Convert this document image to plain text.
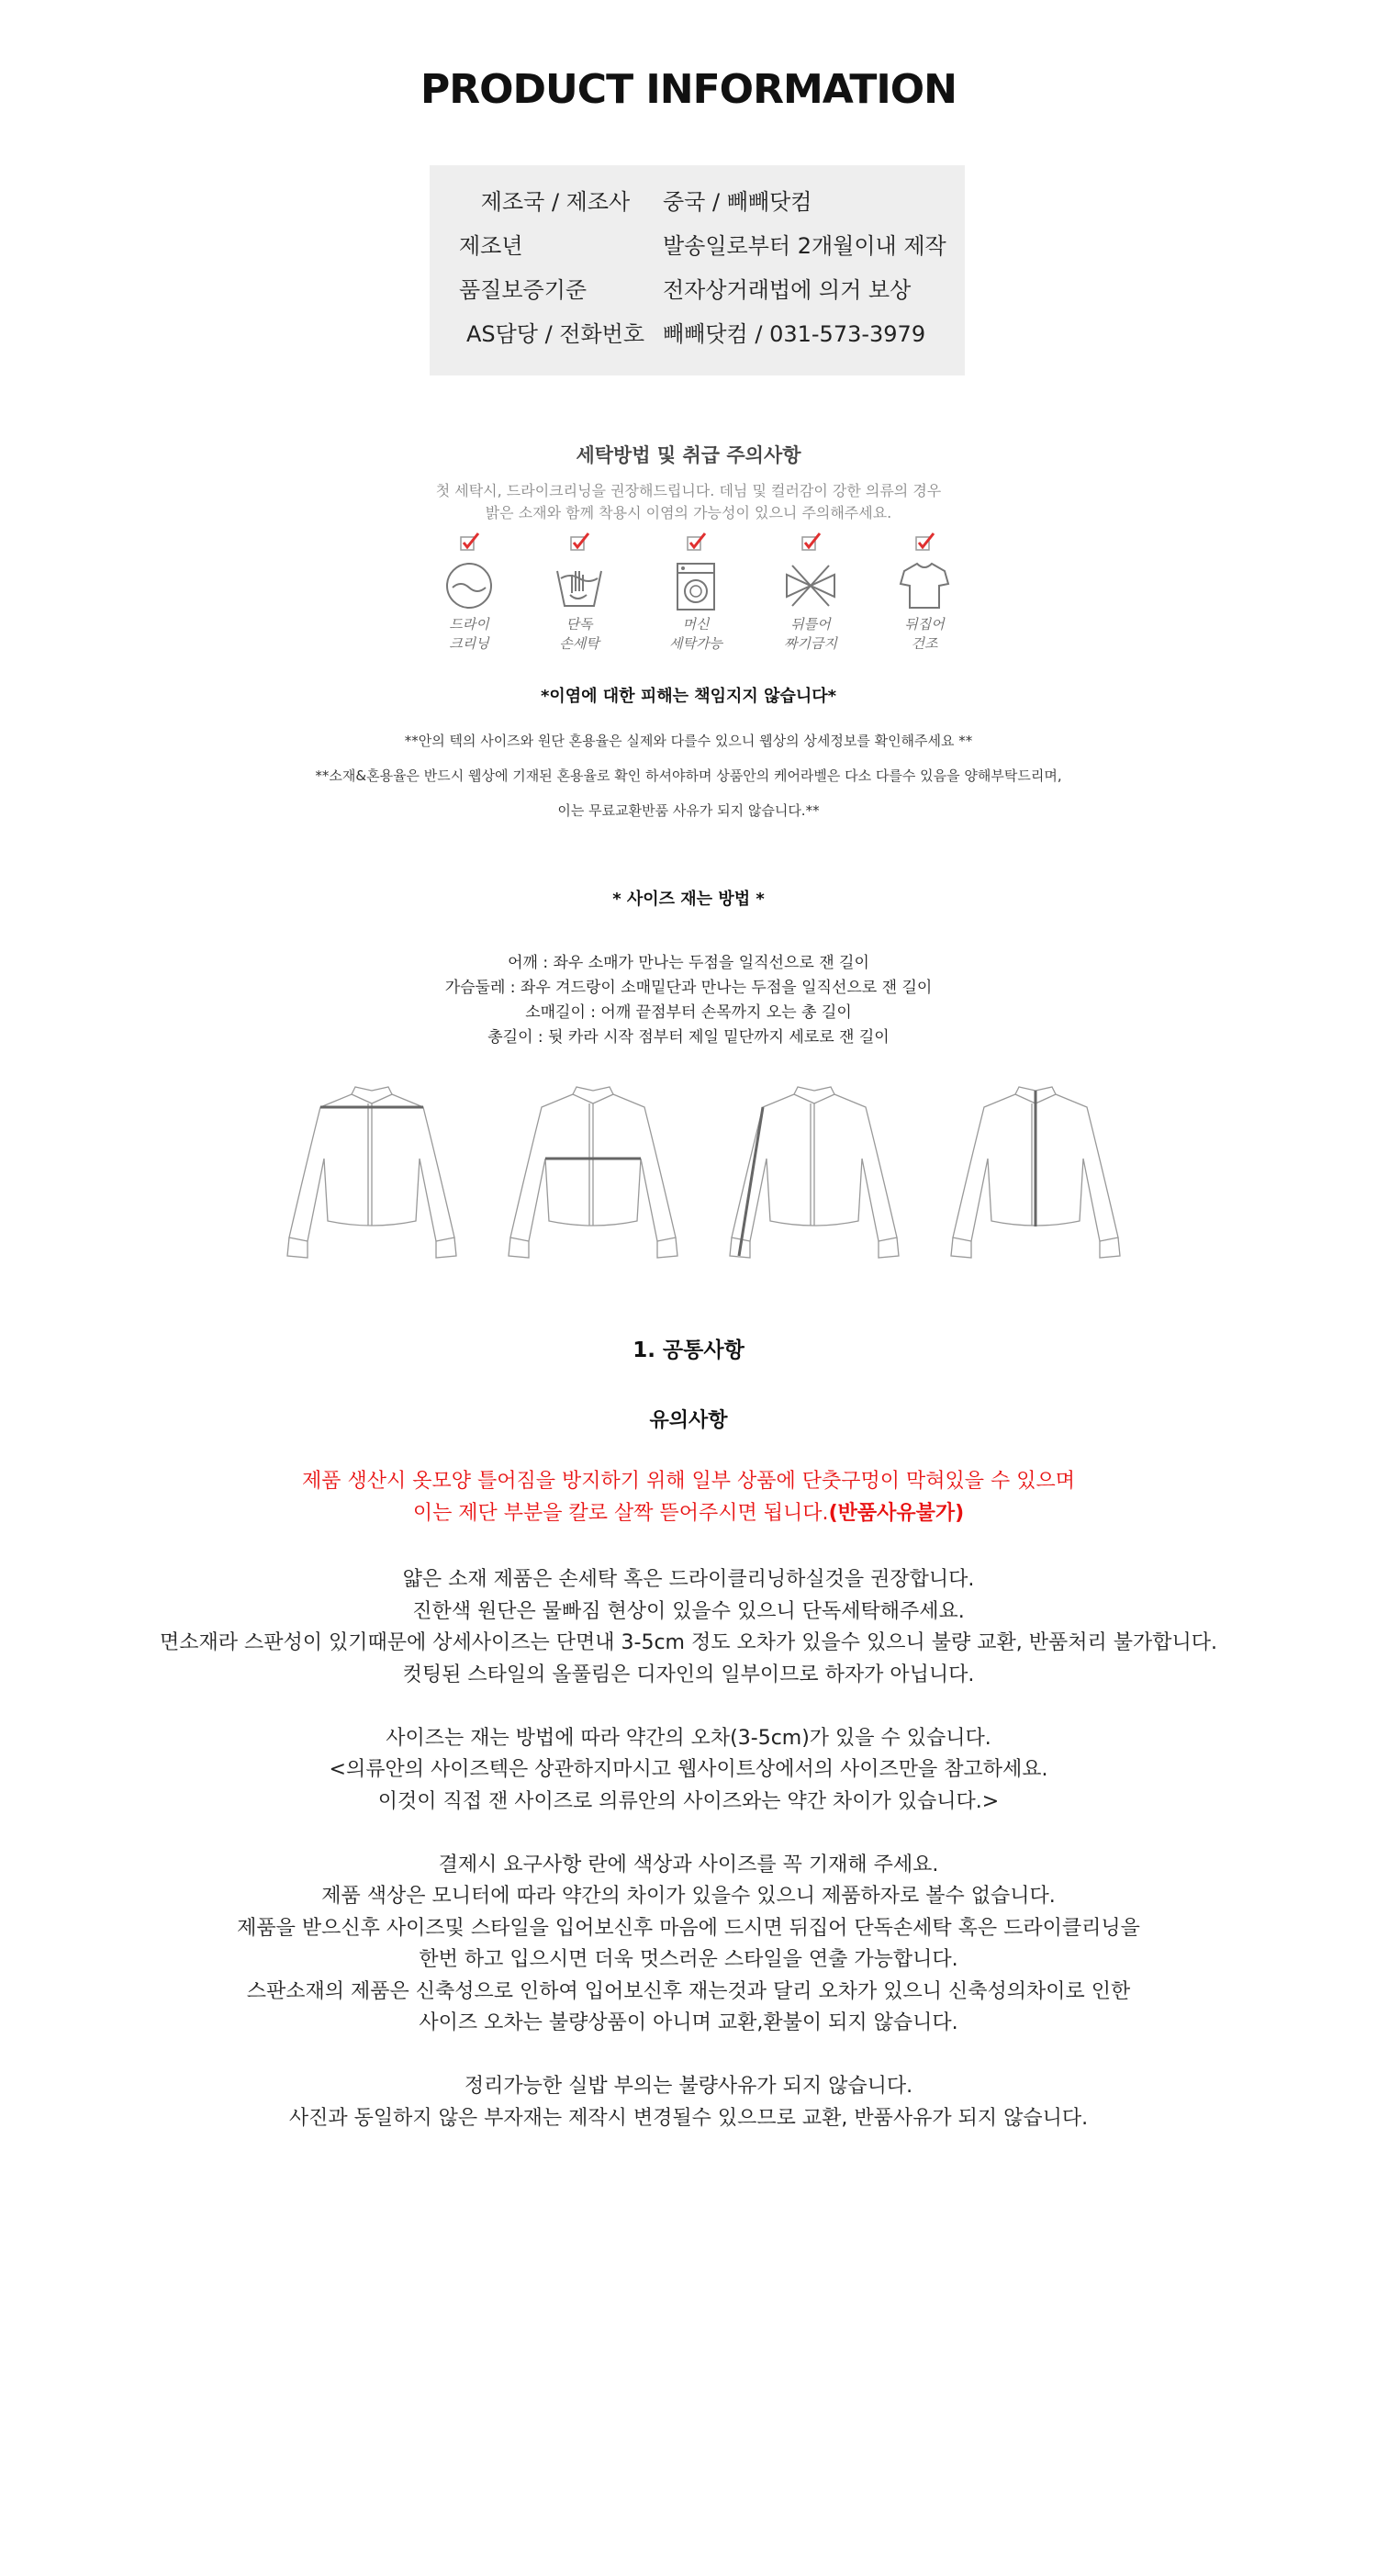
PRODUCT INFORMATION
제조국 / 제조사	중국 / 빼빼닷컴
제조년	발송일로부터 2개월이내 제작
품질보증기준	전자상거래법에 의거 보상
AS담당 / 전화번호 빼빼닷컴 / 031-573-3979
세탁방법 및 취급 주의사항
첫 세탁시, 드라이크리닝을 권장해드립니다. 데님 및 컬러감이 강한 의류의 경우
밝은 소재와 함께 착용시 이염의 가능성이 있으니 주의해주세요.
드라이
크리닝
단독
손세탁
머신
세탁가능
뒤틀어
짜기금지
뒤집어
건조
*이염에 대한 피해는 책임지지 않습니다*
**안의 텍의 사이즈와 원단 혼용율은 실제와 다를수 있으니 웹상의 상세정보를 확인해주세요 **
**소재&혼용율은 반드시 웹상에 기재된 혼용율로 확인 하셔야하며 상품안의 케어라벨은 다소 다를수 있음을 양해부탁드리며,
이는 무료교환반품 사유가 되지 않습니다.**
* 사이즈 재는 방법 *
어깨 : 좌우 소매가 만나는 두점을 일직선으로 잰 길이
가슴둘레 : 좌우 겨드랑이 소매밑단과 만나는 두점을 일직선으로 잰 길이
소매길이 : 어깨 끝점부터 손목까지 오는 총 길이
총길이 : 뒷 카라 시작 점부터 제일 밑단까지 세로로 잰 길이
1. 공통사항
유의사항
제품 생산시 옷모양 틀어짐을 방지하기 위해 일부 상품에 단춧구멍이 막혀있을 수 있으며
이는 제단 부분을 칼로 살짝 뜯어주시면 됩니다.(반품사유불가)
얇은 소재 제품은 손세탁 혹은 드라이클리닝하실것을 권장합니다.
진한색 원단은 물빠짐 현상이 있을수 있으니 단독세탁해주세요.
면소재라 스판성이 있기때문에 상세사이즈는 단면내 3-5cm 정도 오차가 있을수 있으니 불량 교환, 반품처리 불가합니다.
컷팅된 스타일의 올풀림은 디자인의 일부이므로 하자가 아닙니다.
사이즈는 재는 방법에 따라 약간의 오차(3-5cm)가 있을 수 있습니다.
<의류안의 사이즈텍은 상관하지마시고 웹사이트상에서의 사이즈만을 참고하세요.
이것이 직접 잰 사이즈로 의류안의 사이즈와는 약간 차이가 있습니다.>
결제시 요구사항 란에 색상과 사이즈를 꼭 기재해 주세요.
제품 색상은 모니터에 따라 약간의 차이가 있을수 있으니 제품하자로 볼수 없습니다.
제품을 받으신후 사이즈및 스타일을 입어보신후 마음에 드시면 뒤집어 단독손세탁 혹은 드라이클리닝을
한번 하고 입으시면 더욱 멋스러운 스타일을 연출 가능합니다.
스판소재의 제품은 신축성으로 인하여 입어보신후 재는것과 달리 오차가 있으니 신축성의차이로 인한
사이즈 오차는 불량상품이 아니며 교환,환불이 되지 않습니다.
정리가능한 실밥 부의는 불량사유가 되지 않습니다.
사진과 동일하지 않은 부자재는 제작시 변경될수 있으므로 교환, 반품사유가 되지 않습니다.
